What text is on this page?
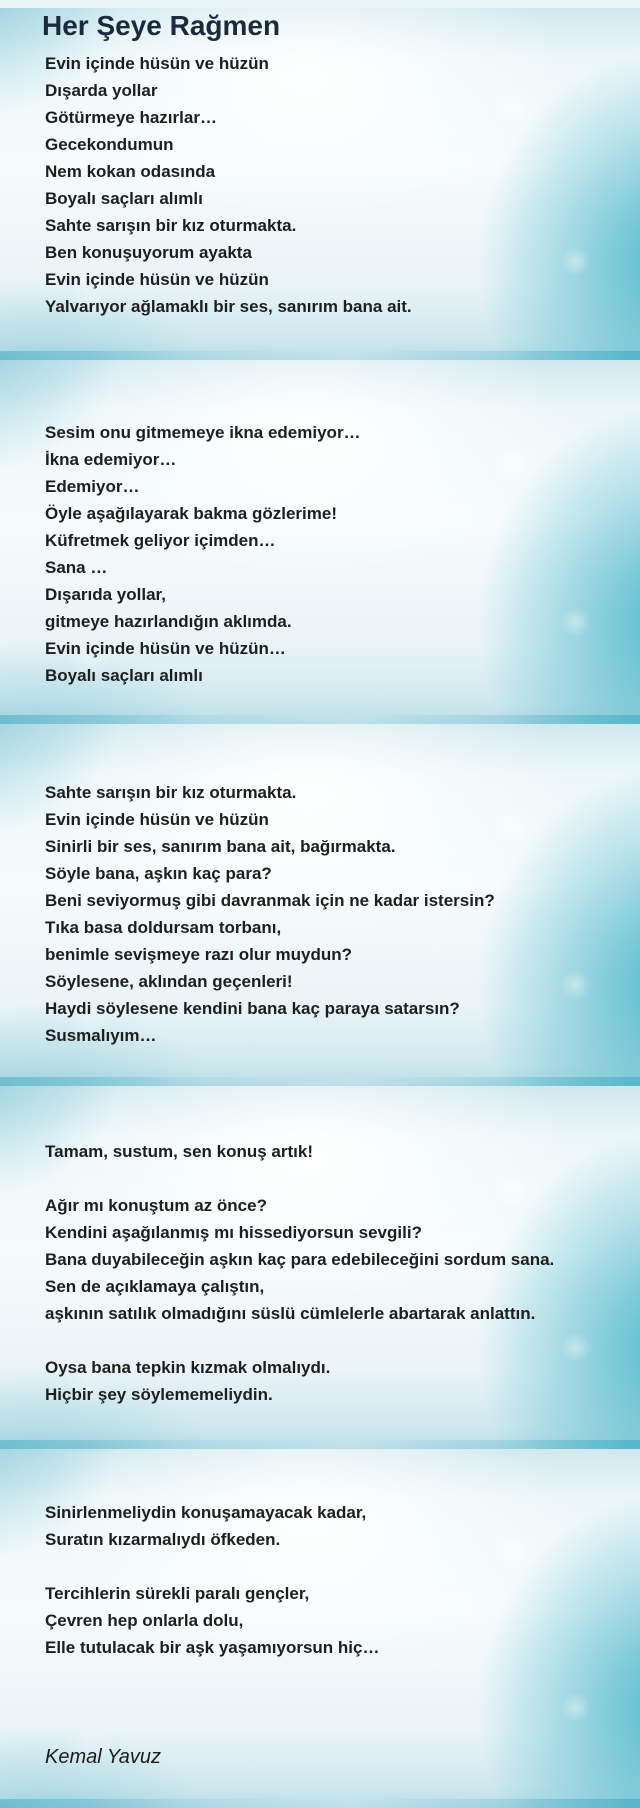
Her Şeye Rağmen
Evin içinde hüsün ve hüzün
Dışarda yollar
Götürmeye hazırlar…
Gecekondumun
Nem kokan odasında
Boyalı saçları alımlı
Sahte sarışın bir kız oturmakta.
Ben konuşuyorum ayakta
Evin içinde hüsün ve hüzün
Yalvarıyor ağlamaklı bir ses, sanırım bana ait.
Sesim onu gitmemeye ikna edemiyor…
İkna edemiyor…
Edemiyor…
Öyle aşağılayarak bakma gözlerime!
Küfretmek geliyor içimden…
Sana …
Dışarıda yollar,
gitmeye hazırlandığın aklımda.
Evin içinde hüsün ve hüzün…
Boyalı saçları alımlı
Sahte sarışın bir kız oturmakta.
Evin içinde hüsün ve hüzün
Sinirli bir ses, sanırım bana ait, bağırmakta.
Söyle bana, aşkın kaç para?
Beni seviyormuş gibi davranmak için ne kadar istersin?
Tıka basa doldursam torbanı,
benimle sevişmeye razı olur muydun?
Söylesene, aklından geçenleri!
Haydi söylesene kendini bana kaç paraya satarsın?
Susmalıyım…
Tamam, sustum, sen konuş artık!
Ağır mı konuştum az önce?
Kendini aşağılanmış mı hissediyorsun sevgili?
Bana duyabileceğin aşkın kaç para edebileceğini sordum sana.
Sen de açıklamaya çalıştın,
aşkının satılık olmadığını süslü cümlelerle abartarak anlattın.
Oysa bana tepkin kızmak olmalıydı.
Hiçbir şey söylememeliydin.
Sinirlenmeliydin konuşamayacak kadar,
Suratın kızarmalıydı öfkeden.
Tercihlerin sürekli paralı gençler,
Çevren hep onlarla dolu,
Elle tutulacak bir aşk yaşamıyorsun hiç…
Kemal Yavuz
